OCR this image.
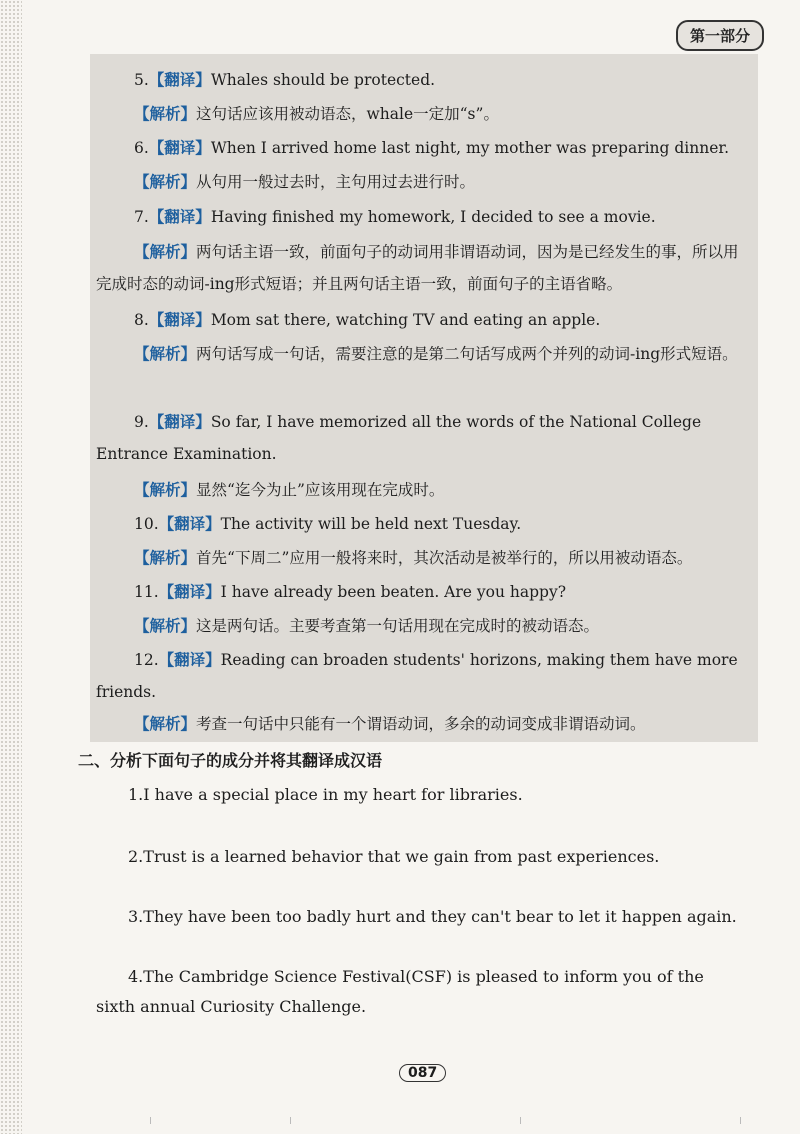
第一部分

5.【翻译】Whales should be protected.

【解析】这句话应该用被动语态，whale一定加“s”。

6.【翻译】When I arrived home last night, my mother was preparing dinner.

【解析】从句用一般过去时，主句用过去进行时。

7.【翻译】Having finished my homework, I decided to see a movie.

【解析】两句话主语一致，前面句子的动词用非谓语动词，因为是已经发生的事，所以用完成时态的动词-ing形式短语；并且两句话主语一致，前面句子的主语省略。

8.【翻译】Mom sat there, watching TV and eating an apple.

【解析】两句话写成一句话，需要注意的是第二句话写成两个并列的动词-ing形式短语。

9.【翻译】So far, I have memorized all the words of the National College Entrance Examination.

【解析】显然“迄今为止”应该用现在完成时。

10.【翻译】The activity will be held next Tuesday.

【解析】首先“下周二”应用一般将来时，其次活动是被举行的，所以用被动语态。

11.【翻译】I have already been beaten. Are you happy?

【解析】这是两句话。主要考查第一句话用现在完成时的被动语态。

12.【翻译】Reading can broaden students' horizons, making them have more friends.

【解析】考查一句话中只能有一个谓语动词，多余的动词变成非谓语动词。

二、分析下面句子的成分并将其翻译成汉语

1.I have a special place in my heart for libraries.

2.Trust is a learned behavior that we gain from past experiences.

3.They have been too badly hurt and they can't bear to let it happen again.

4.The Cambridge Science Festival(CSF) is pleased to inform you of the sixth annual Curiosity Challenge.

087
